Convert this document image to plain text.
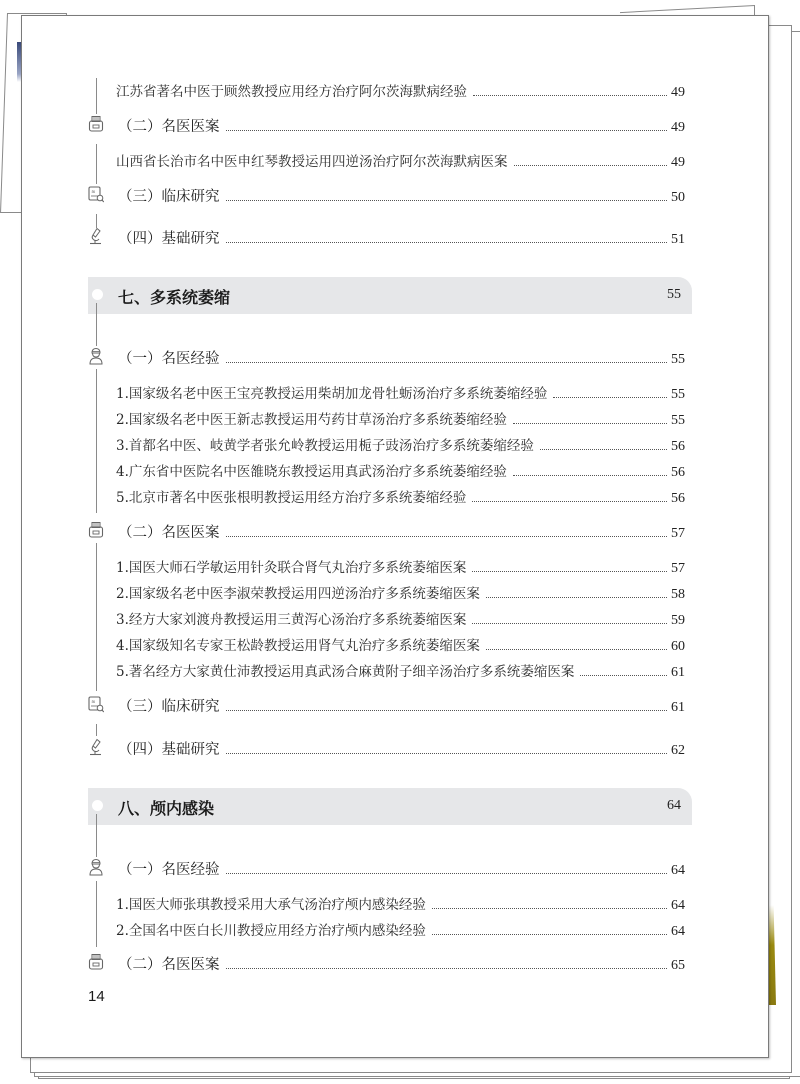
江苏省著名中医于顾然教授应用经方治疗阿尔茨海默病经验	49
（二）名医医案	49
山西省长治市名中医申红琴教授运用四逆汤治疗阿尔茨海默病医案	49
≋ （三）临床研究	50
（四）基础研究	51
七、多系统萎缩	55
（一）名医经验	55
1.国家级名老中医王宝亮教授运用柴胡加龙骨牡蛎汤治疗多系统萎缩经验	55
2.国家级名老中医王新志教授运用芍药甘草汤治疗多系统萎缩经验	55
3.首都名中医、岐黄学者张允岭教授运用栀子豉汤治疗多系统萎缩经验	56
4.广东省中医院名中医雒晓东教授运用真武汤治疗多系统萎缩经验	56
5.北京市著名中医张根明教授运用经方治疗多系统萎缩经验	56
（二）名医医案	57
1.国医大师石学敏运用针灸联合肾气丸治疗多系统萎缩医案	57
2.国家级名老中医李淑荣教授运用四逆汤治疗多系统萎缩医案	58
3.经方大家刘渡舟教授运用三黄泻心汤治疗多系统萎缩医案	59
4.国家级知名专家王松龄教授运用肾气丸治疗多系统萎缩医案	60
5.著名经方大家黄仕沛教授运用真武汤合麻黄附子细辛汤治疗多系统萎缩医案	61
≋ （三）临床研究	61
（四）基础研究	62
八、颅内感染	64
（一）名医经验	64
1.国医大师张琪教授采用大承气汤治疗颅内感染经验	64
2.全国名中医白长川教授应用经方治疗颅内感染经验	64
（二）名医医案	65
14
